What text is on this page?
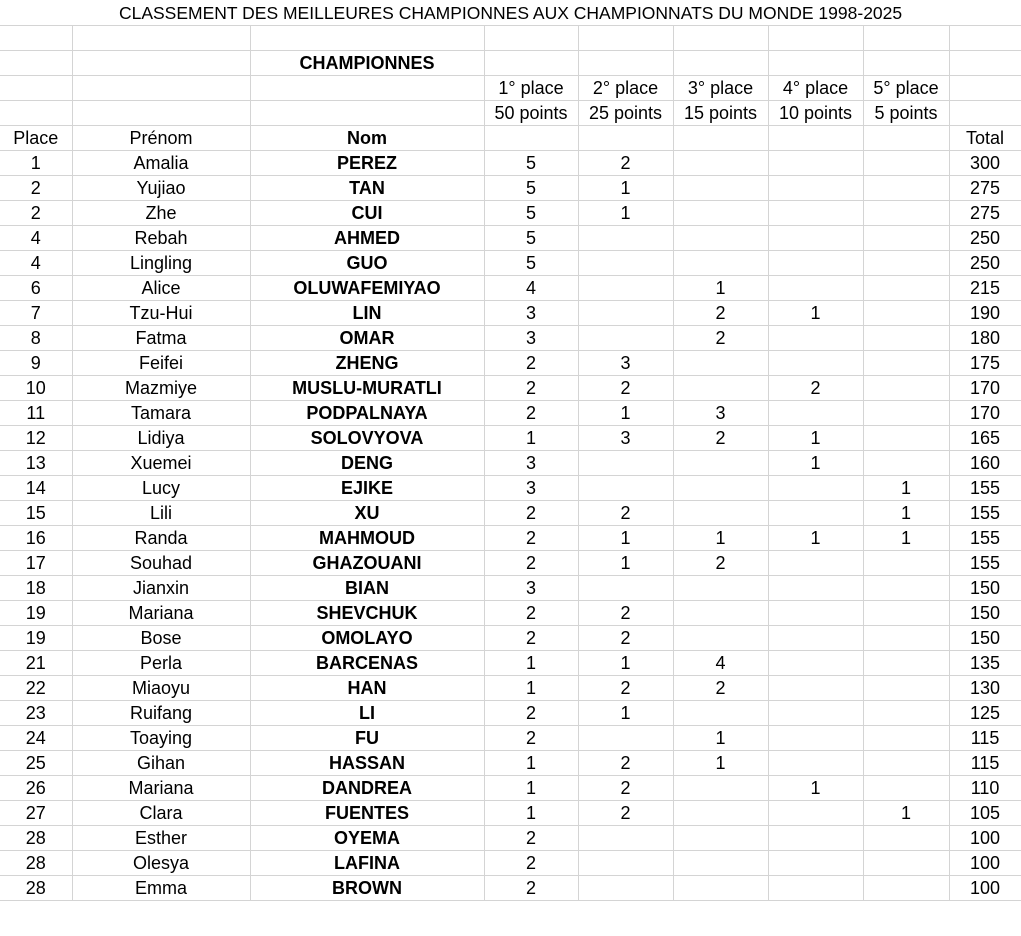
CLASSEMENT DES MEILLEURES CHAMPIONNES AUX CHAMPIONNATS DU MONDE 1998-2025								

		CHAMPIONNES						
			1° place	2° place	3° place	4° place	5° place	
			50 points	25 points	15 points	10 points	5 points	
Place	Prénom	Nom						Total
1	Amalia	PEREZ	5	2				300
2	Yujiao	TAN	5	1				275
2	Zhe	CUI	5	1				275
4	Rebah	AHMED	5					250
4	Lingling	GUO	5					250
6	Alice	OLUWAFEMIYAO	4		1			215
7	Tzu-Hui	LIN	3		2	1		190
8	Fatma	OMAR	3		2			180
9	Feifei	ZHENG	2	3				175
10	Mazmiye	MUSLU-MURATLI	2	2		2		170
11	Tamara	PODPALNAYA	2	1	3			170
12	Lidiya	SOLOVYOVA	1	3	2	1		165
13	Xuemei	DENG	3			1		160
14	Lucy	EJIKE	3				1	155
15	Lili	XU	2	2			1	155
16	Randa	MAHMOUD	2	1	1	1	1	155
17	Souhad	GHAZOUANI	2	1	2			155
18	Jianxin	BIAN	3					150
19	Mariana	SHEVCHUK	2	2				150
19	Bose	OMOLAYO	2	2				150
21	Perla	BARCENAS	1	1	4			135
22	Miaoyu	HAN	1	2	2			130
23	Ruifang	LI	2	1				125
24	Toaying	FU	2		1			115
25	Gihan	HASSAN	1	2	1			115
26	Mariana	DANDREA	1	2		1		110
27	Clara	FUENTES	1	2			1	105
28	Esther	OYEMA	2					100
28	Olesya	LAFINA	2					100
28	Emma	BROWN	2					100
